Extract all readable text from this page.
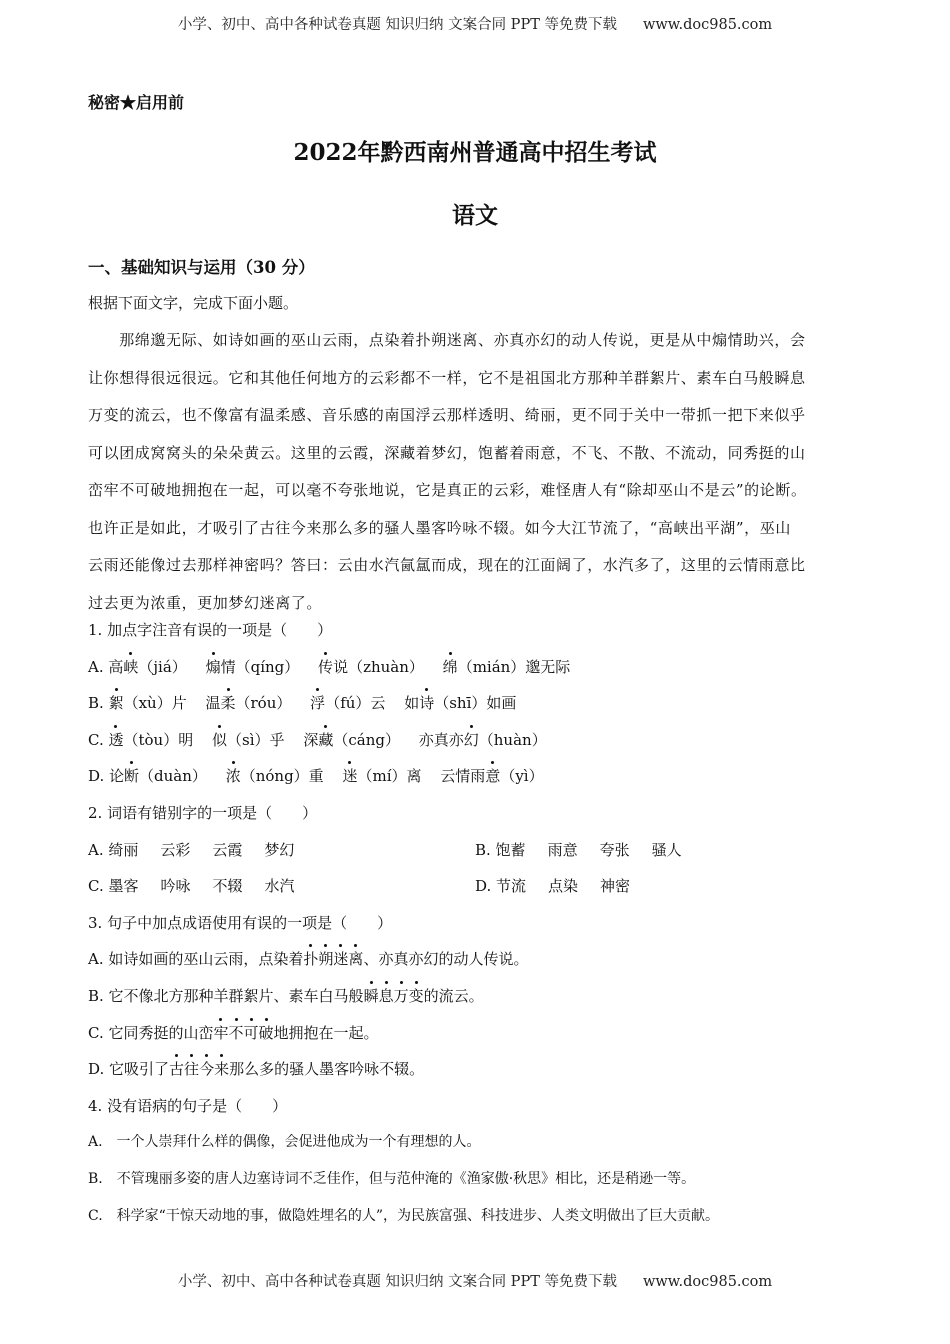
小学、初中、高中各种试卷真题 知识归纳 文案合同 PPT 等免费下载 www.doc985.com
秘密★启用前
2022年黔西南州普通高中招生考试
语文
一、基础知识与运用（30 分）
根据下面文字，完成下面小题。
　　那绵邈无际、如诗如画的巫山云雨，点染着扑朔迷离、亦真亦幻的动人传说，更是从中煽情助兴，会
让你想得很远很远。它和其他任何地方的云彩都不一样，它不是祖国北方那种羊群絮片、素车白马般瞬息
万变的流云，也不像富有温柔感、音乐感的南国浮云那样透明、绮丽，更不同于关中一带抓一把下来似乎
可以团成窝窝头的朵朵黄云。这里的云霞，深藏着梦幻，饱蓄着雨意，不飞、不散、不流动，同秀挺的山
峦牢不可破地拥抱在一起，可以毫不夸张地说，它是真正的云彩，难怪唐人有“除却巫山不是云”的论断。
也许正是如此，才吸引了古往今来那么多的骚人墨客吟咏不辍。如今大江节流了，“高峡出平湖”，巫山
云雨还能像过去那样神密吗？答曰：云由水汽氤氲而成，现在的江面阔了，水汽多了，这里的云情雨意比
过去更为浓重，更加梦幻迷离了。
1. 加点字注音有误的一项是（　　）
A. 高峡（jiá） 煽情（qíng） 传说（zhuàn） 绵（mián）邈无际
B. 絮（xù）片 温柔（róu） 浮（fú）云 如诗（shī）如画
C. 透（tòu）明 似（sì）乎 深藏（cáng） 亦真亦幻（huàn）
D. 论断（duàn） 浓（nóng）重 迷（mí）离 云情雨意（yì）
2. 词语有错别字的一项是（　　）
A. 绮丽 云彩 云霞 梦幻	B. 饱蓄 雨意 夸张 骚人
C. 墨客 吟咏 不辍 水汽	D. 节流 点染 神密
3. 句子中加点成语使用有误的一项是（　　）
A. 如诗如画的巫山云雨，点染着扑朔迷离、亦真亦幻的动人传说。
B. 它不像北方那种羊群絮片、素车白马般瞬息万变的流云。
C. 它同秀挺的山峦牢不可破地拥抱在一起。
D. 它吸引了古往今来那么多的骚人墨客吟咏不辍。
4. 没有语病的句子是（　　）
A.　一个人崇拜什么样的偶像，会促进他成为一个有理想的人。
B.　不管瑰丽多姿的唐人边塞诗词不乏佳作，但与范仲淹的《渔家傲·秋思》相比，还是稍逊一等。
C.　科学家“干惊天动地的事，做隐姓埋名的人”，为民族富强、科技进步、人类文明做出了巨大贡献。
小学、初中、高中各种试卷真题 知识归纳 文案合同 PPT 等免费下载 www.doc985.com
